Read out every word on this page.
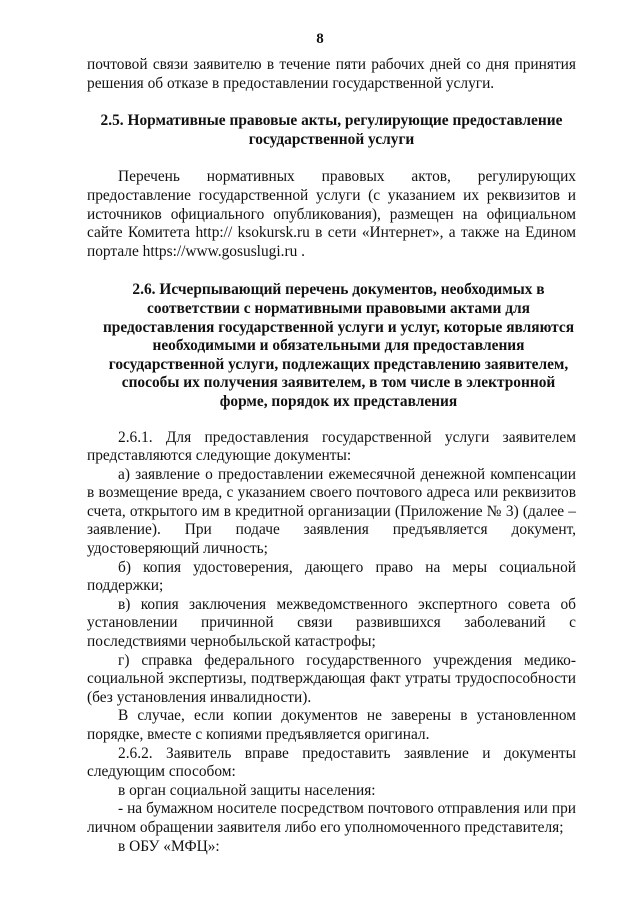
8

почтовой связи заявителю в течение пяти рабочих дней со дня принятия решения об отказе в предоставлении государственной услуги.

2.5. Нормативные правовые акты, регулирующие предоставление государственной услуги

Перечень нормативных правовых актов, регулирующих предоставление государственной услуги (с указанием их реквизитов и источников официального опубликования), размещен на официальном сайте Комитета http:// ksokursk.ru в сети «Интернет», а также на Едином портале https://www.gosuslugi.ru .

2.6. Исчерпывающий перечень документов, необходимых в соответствии с нормативными правовыми актами для предоставления государственной услуги и услуг, которые являются необходимыми и обязательными для предоставления государственной услуги, подлежащих представлению заявителем, способы их получения заявителем, в том числе в электронной форме, порядок их представления

2.6.1. Для предоставления государственной услуги заявителем представляются следующие документы:

а) заявление о предоставлении ежемесячной денежной компенсации в возмещение вреда, с указанием своего почтового адреса или реквизитов счета, открытого им в кредитной организации (Приложение № 3) (далее – заявление). При подаче заявления предъявляется документ, удостоверяющий личность;

б) копия удостоверения, дающего право на меры социальной поддержки;

в) копия заключения межведомственного экспертного совета об установлении причинной связи развившихся заболеваний с последствиями чернобыльской катастрофы;

г) справка федерального государственного учреждения медико-социальной экспертизы, подтверждающая факт утраты трудоспособности (без установления инвалидности).

В случае, если копии документов не заверены в установленном порядке, вместе с копиями предъявляется оригинал.

2.6.2. Заявитель вправе предоставить заявление и документы следующим способом:

в орган социальной защиты населения:

- на бумажном носителе посредством почтового отправления или при личном обращении заявителя либо его уполномоченного представителя;

в ОБУ «МФЦ»:
